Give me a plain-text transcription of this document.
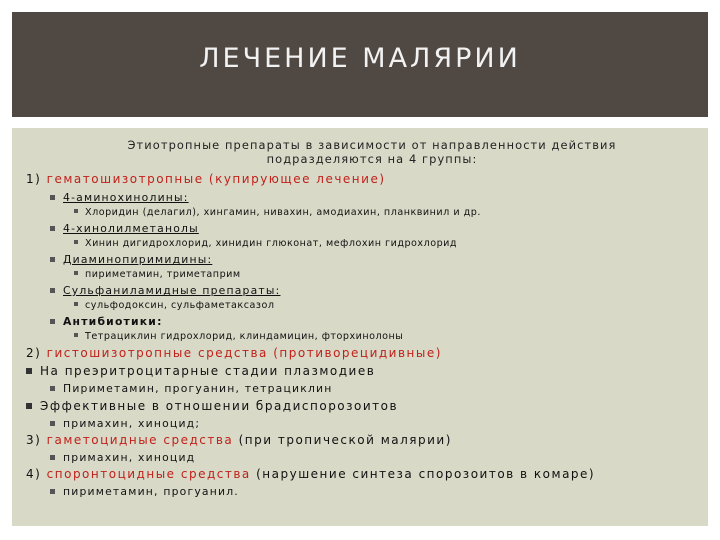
ЛЕЧЕНИЕ МАЛЯРИИ
Этиотропные препараты в зависимости от направленности действия
подразделяются на 4 группы:
1) гематошизотропные (купирующее лечение)
4-аминохинолины:
Хлоридин (делагил), хингамин, нивахин, амодиахин, планквинил и др.
4-хинолилметанолы
Хинин дигидрохлорид, хинидин глюконат, мефлохин гидрохлорид
Диаминопиримидины:
пириметамин, триметаприм
Сульфаниламидные препараты:
сульфодоксин, сульфаметаксазол
Антибиотики:
Тетрациклин гидрохлорид, клиндамицин, фторхинолоны
2) гистошизотропные средства (противорецидивные)
На преэритроцитарные стадии плазмодиев
Пириметамин, прогуанин, тетрациклин
Эффективные в отношении брадиспорозоитов
примахин, хиноцид;
3) гаметоцидные средства (при тропической малярии)
примахин, хиноцид
4) споронтоцидные средства (нарушение синтеза спорозоитов в комаре)
пириметамин, прогуанил.
